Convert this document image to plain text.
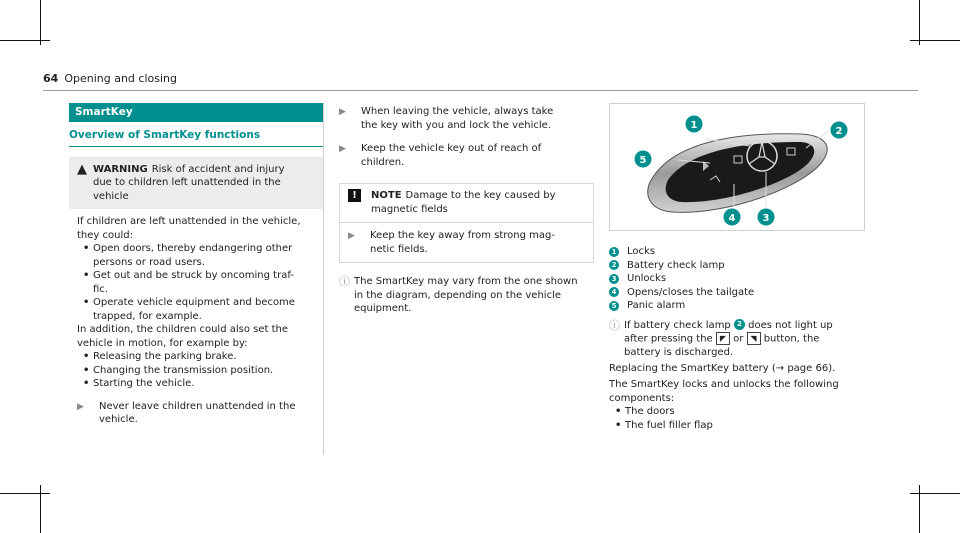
64 Opening and closing
SmartKey
Overview of SmartKey functions
▲ WARNING Risk of accident and injury
due to children left unattended in the
vehicle
If children are left unattended in the vehicle,
they could:
• Open doors, thereby endangering other
persons or road users.
• Get out and be struck by oncoming traf-
fic.
• Operate vehicle equipment and become
trapped, for example.
In addition, the children could also set the
vehicle in motion, for example by:
• Releasing the parking brake.
• Changing the transmission position.
• Starting the vehicle.
▶	Never leave children unattended in the
vehicle.
▶	When leaving the vehicle, always take
the key with you and lock the vehicle.
▶	Keep the vehicle key out of reach of
children.
!	NOTE Damage to the key caused by
magnetic fields
▶	Keep the key away from strong mag-
netic fields.
ⓘ The SmartKey may vary from the one shown
in the diagram, depending on the vehicle
equipment.
1
2
3
4
5
1 Locks
2 Battery check lamp
3 Unlocks
4 Opens/closes the tailgate
5 Panic alarm
ⓘ If battery check lamp 2 does not light up
after pressing the ◤ or ◥ button, the
battery is discharged.
Replacing the SmartKey battery (→ page 66).
The SmartKey locks and unlocks the following
components:
• The doors
• The fuel filler flap
